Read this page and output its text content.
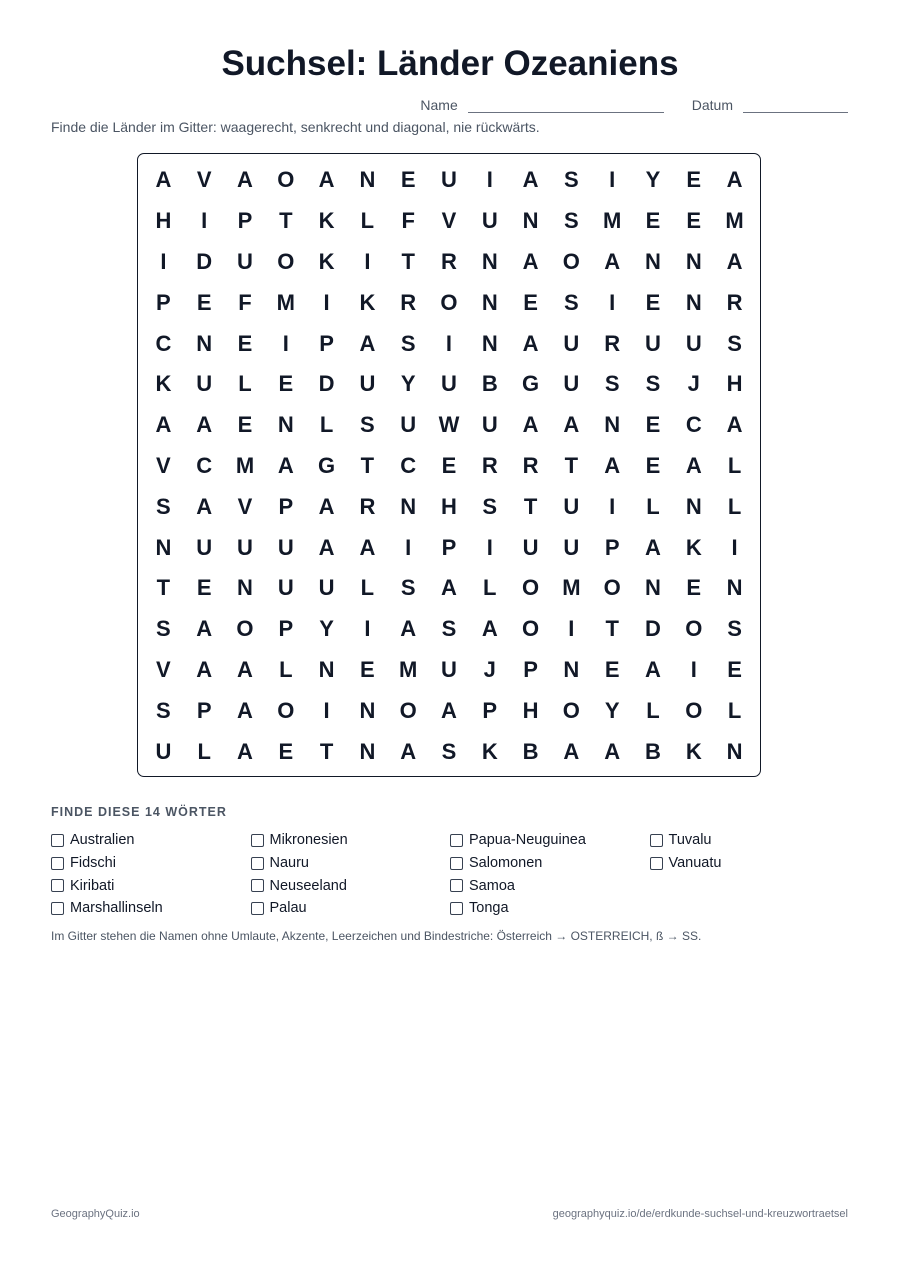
Suchsel: Länder Ozeaniens
Name	Datum
Finde die Länder im Gitter: waagerecht, senkrecht und diagonal, nie rückwärts.
A	V	A	O	A	N	E	U	I	A	S	I	Y	E	A
H	I	P	T	K	L	F	V	U	N	S	M	E	E	M
I	D	U	O	K	I	T	R	N	A	O	A	N	N	A
P	E	F	M	I	K	R	O	N	E	S	I	E	N	R
C	N	E	I	P	A	S	I	N	A	U	R	U	U	S
K	U	L	E	D	U	Y	U	B	G	U	S	S	J	H
A	A	E	N	L	S	U	W	U	A	A	N	E	C	A
V	C	M	A	G	T	C	E	R	R	T	A	E	A	L
S	A	V	P	A	R	N	H	S	T	U	I	L	N	L
N	U	U	U	A	A	I	P	I	U	U	P	A	K	I
T	E	N	U	U	L	S	A	L	O	M	O	N	E	N
S	A	O	P	Y	I	A	S	A	O	I	T	D	O	S
V	A	A	L	N	E	M	U	J	P	N	E	A	I	E
S	P	A	O	I	N	O	A	P	H	O	Y	L	O	L
U	L	A	E	T	N	A	S	K	B	A	A	B	K	N
FINDE DIESE 14 WÖRTER
Australien
Fidschi
Kiribati
Marshallinseln
Mikronesien
Nauru
Neuseeland
Palau
Papua-Neuguinea
Salomonen
Samoa
Tonga
Tuvalu
Vanuatu
Im Gitter stehen die Namen ohne Umlaute, Akzente, Leerzeichen und Bindestriche: Österreich → OSTERREICH, ß → SS.
GeographyQuiz.io	geographyquiz.io/de/erdkunde-suchsel-und-kreuzwortraetsel
